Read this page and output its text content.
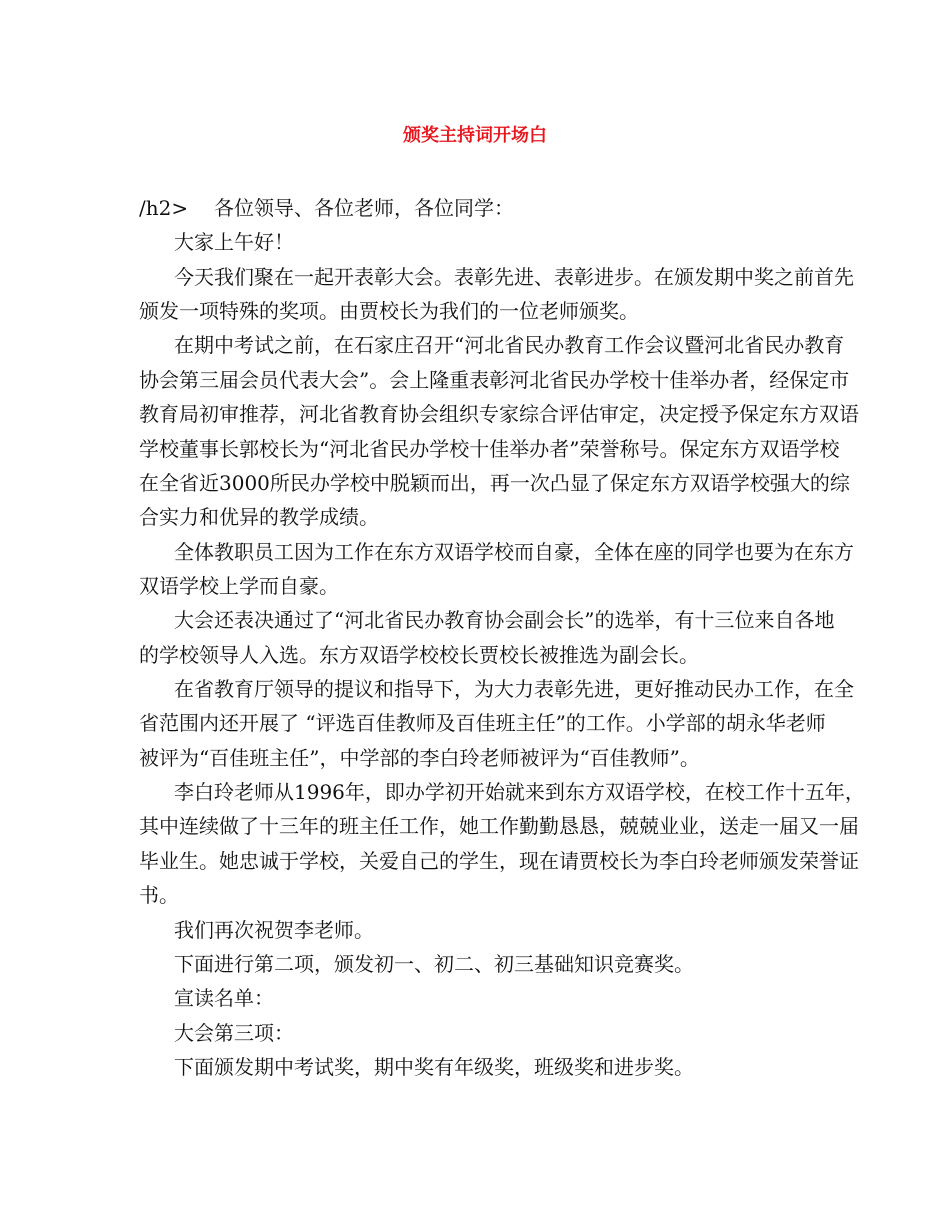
颁奖主持词开场白
/h2>	各位领导、各位老师，各位同学：
大家上午好！
今天我们聚在一起开表彰大会。表彰先进、表彰进步。在颁发期中奖之前首先
颁发一项特殊的奖项。由贾校长为我们的一位老师颁奖。
在期中考试之前，在石家庄召开“河北省民办教育工作会议暨河北省民办教育
协会第三届会员代表大会”。会上隆重表彰河北省民办学校十佳举办者，经保定市
教育局初审推荐，河北省教育协会组织专家综合评估审定，决定授予保定东方双语
学校董事长郭校长为“河北省民办学校十佳举办者”荣誉称号。保定东方双语学校
在全省近3000所民办学校中脱颖而出，再一次凸显了保定东方双语学校强大的综
合实力和优异的教学成绩。
全体教职员工因为工作在东方双语学校而自豪，全体在座的同学也要为在东方
双语学校上学而自豪。
大会还表决通过了“河北省民办教育协会副会长”的选举，有十三位来自各地
的学校领导人入选。东方双语学校校长贾校长被推选为副会长。
在省教育厅领导的提议和指导下，为大力表彰先进，更好推动民办工作，在全
省范围内还开展了 “评选百佳教师及百佳班主任”的工作。小学部的胡永华老师
被评为“百佳班主任”，中学部的李白玲老师被评为“百佳教师”。
李白玲老师从1996年，即办学初开始就来到东方双语学校，在校工作十五年，
其中连续做了十三年的班主任工作，她工作勤勤恳恳，兢兢业业，送走一届又一届
毕业生。她忠诚于学校，关爱自己的学生，现在请贾校长为李白玲老师颁发荣誉证
书。
我们再次祝贺李老师。
下面进行第二项，颁发初一、初二、初三基础知识竞赛奖。
宣读名单：
大会第三项：
下面颁发期中考试奖，期中奖有年级奖，班级奖和进步奖。
